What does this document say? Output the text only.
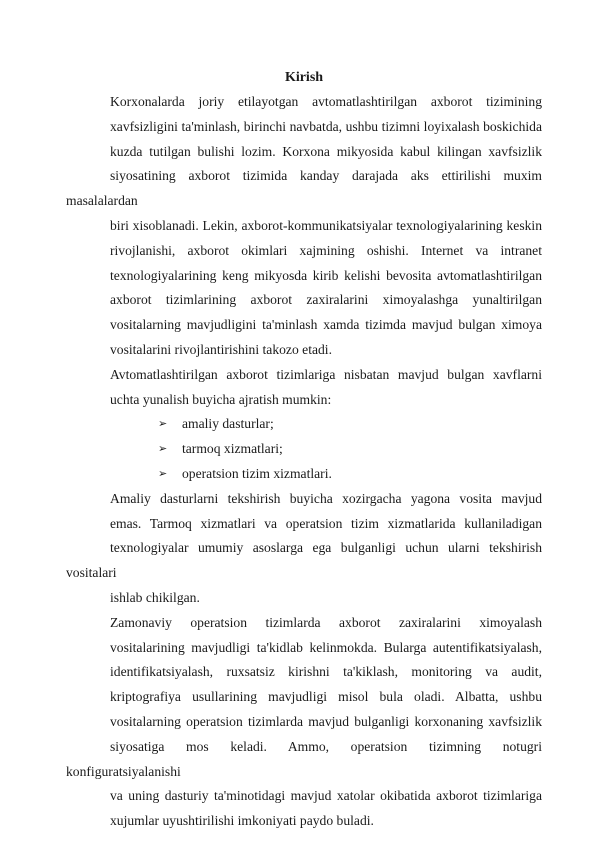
Kirish
Korxonalarda joriy etilayotgan avtomatlashtirilgan axborot tizimining
xavfsizligini ta'minlash, birinchi navbatda, ushbu tizimni loyixalash boskichida
kuzda tutilgan bulishi lozim. Korxona mikyosida kabul kilingan xavfsizlik
siyosatining axborot tizimida kanday darajada aks ettirilishi muxim masalalardan
biri xisoblanadi. Lekin, axborot-kommunikatsiyalar texnologiyalarining keskin
rivojlanishi, axborot okimlari xajmining oshishi. Internet va intranet
texnologiyalarining keng mikyosda kirib kelishi bevosita avtomatlashtirilgan
axborot tizimlarining axborot zaxiralarini ximoyalashga yunaltirilgan
vositalarning mavjudligini ta'minlash xamda tizimda mavjud bulgan ximoya
vositalarini rivojlantirishini takozo etadi.
Avtomatlashtirilgan axborot tizimlariga nisbatan mavjud bulgan xavflarni
uchta yunalish buyicha ajratish mumkin:
➢	amaliy dasturlar;
➢	tarmoq xizmatlari;
➢	operatsion tizim xizmatlari.
Amaliy dasturlarni tekshirish buyicha xozirgacha yagona vosita mavjud
emas. Tarmoq xizmatlari va operatsion tizim xizmatlarida kullaniladigan
texnologiyalar umumiy asoslarga ega bulganligi uchun ularni tekshirish vositalari
ishlab chikilgan.
Zamonaviy operatsion tizimlarda axborot zaxiralarini ximoyalash
vositalarining mavjudligi ta'kidlab kelinmokda. Bularga autentifikatsiyalash,
identifikatsiyalash, ruxsatsiz kirishni ta'kiklash, monitoring va audit,
kriptografiya usullarining mavjudligi misol bula oladi. Albatta, ushbu
vositalarning operatsion tizimlarda mavjud bulganligi korxonaning xavfsizlik
siyosatiga mos keladi. Ammo, operatsion tizimning notugri konfiguratsiyalanishi
va uning dasturiy ta'minotidagi mavjud xatolar okibatida axborot tizimlariga
xujumlar uyushtirilishi imkoniyati paydo buladi.
